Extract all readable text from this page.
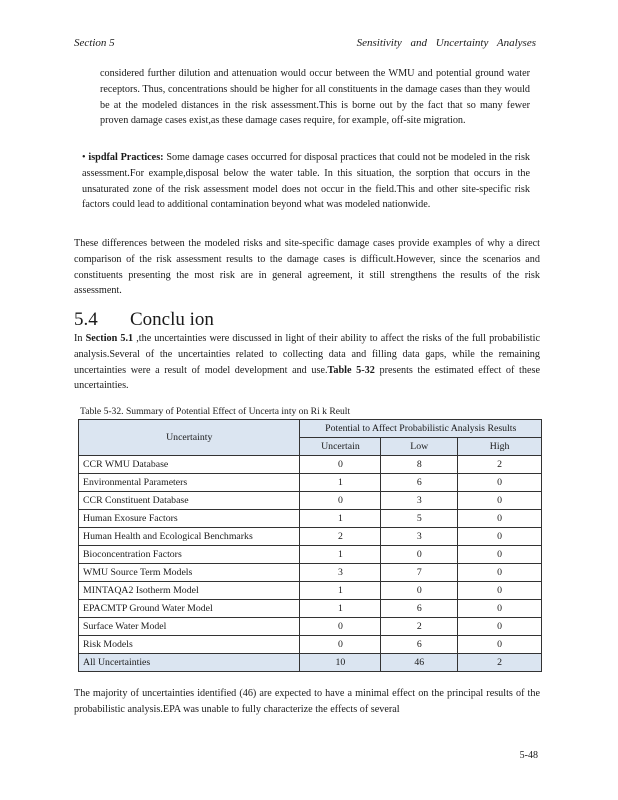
Section 5	Sensitivity and Uncertainty Analyses
considered further dilution and attenuation would occur between the WMU and potential ground water receptors. Thus, concentrations should be higher for all constituents in the damage cases than they would be at the modeled distances in the risk assessment.This is borne out by the fact that so many fewer proven damage cases exist,as these damage cases require, for example, off-site migration.
• ispdfal Practices: Some damage cases occurred for disposal practices that could not be modeled in the risk assessment.For example,disposal below the water table. In this situation, the sorption that occurs in the unsaturated zone of the risk assessment model does not occur in the field.This and other site-specific risk factors could lead to additional contamination beyond what was modeled nationwide.
These differences between the modeled risks and site-specific damage cases provide examples of why a direct comparison of the risk assessment results to the damage cases is difficult.However, since the scenarios and constituents presenting the most risk are in general agreement, it still strengthens the results of the risk assessment.
5.4 Conclu ion
In Section 5.1 ,the uncertainties were discussed in light of their ability to affect the risks of the full probabilistic analysis.Several of the uncertainties related to collecting data and filling data gaps, while the remaining uncertainties were a result of model development and use.Table 5-32 presents the estimated effect of these uncertainties.
Table 5-32. Summary of Potential Effect of Uncerta inty on Ri k Reult
Uncertainty	Potential to Affect Probabilistic Analysis Results		
	Uncertain	Low	High
CCR WMU Database	0	8	2
Environmental Parameters	1	6	0
CCR Constituent Database	0	3	0
Human Exosure Factors	1	5	0
Human Health and Ecological Benchmarks	2	3	0
Bioconcentration Factors	1	0	0
WMU Source Term Models	3	7	0
MINTAQA2 Isotherm Model	1	0	0
EPACMTP Ground Water Model	1	6	0
Surface Water Model	0	2	0
Risk Models	0	6	0
All Uncertainties	10	46	2
The majority of uncertainties identified (46) are expected to have a minimal effect on the principal results of the probabilistic analysis.EPA was unable to fully characterize the effects of several
5-48
